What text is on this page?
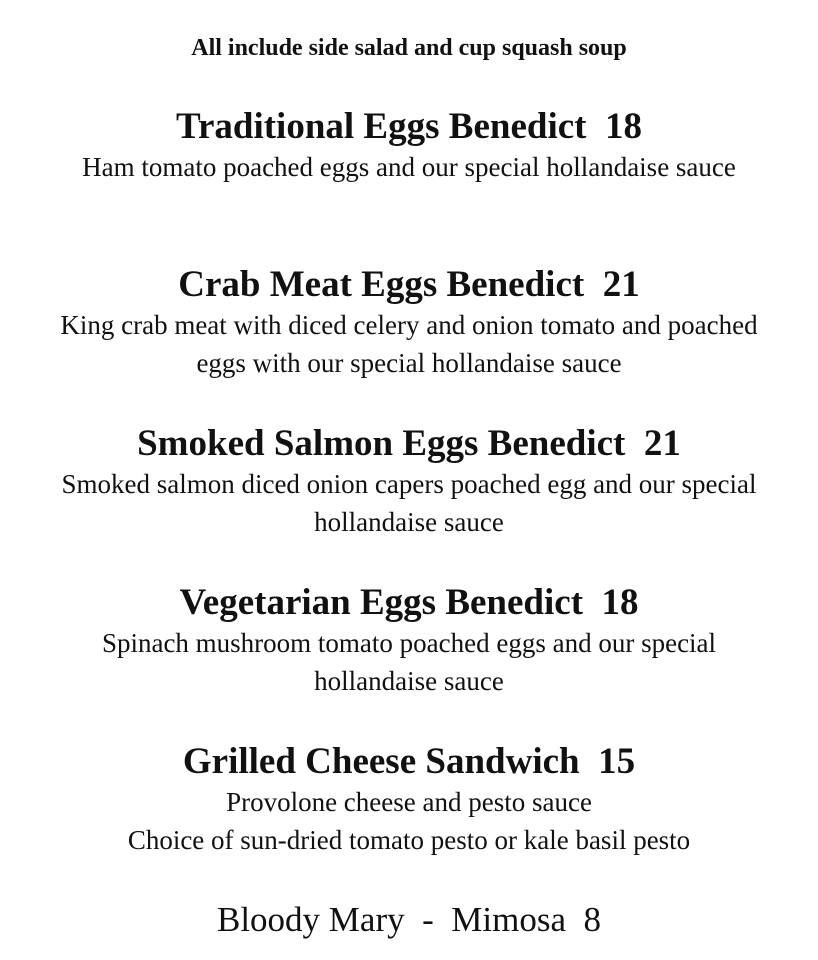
All include side salad and cup squash soup
Traditional Eggs Benedict  18
Ham tomato poached eggs and our special hollandaise sauce
Crab Meat Eggs Benedict  21
King crab meat with diced celery and onion tomato and poached eggs with our special hollandaise sauce
Smoked Salmon Eggs Benedict  21
Smoked salmon diced onion capers poached egg and our special hollandaise sauce
Vegetarian Eggs Benedict  18
Spinach mushroom tomato poached eggs and our special hollandaise sauce
Grilled Cheese Sandwich  15
Provolone cheese and pesto sauce
Choice of sun-dried tomato pesto or kale basil pesto
Bloody Mary  -  Mimosa  8
